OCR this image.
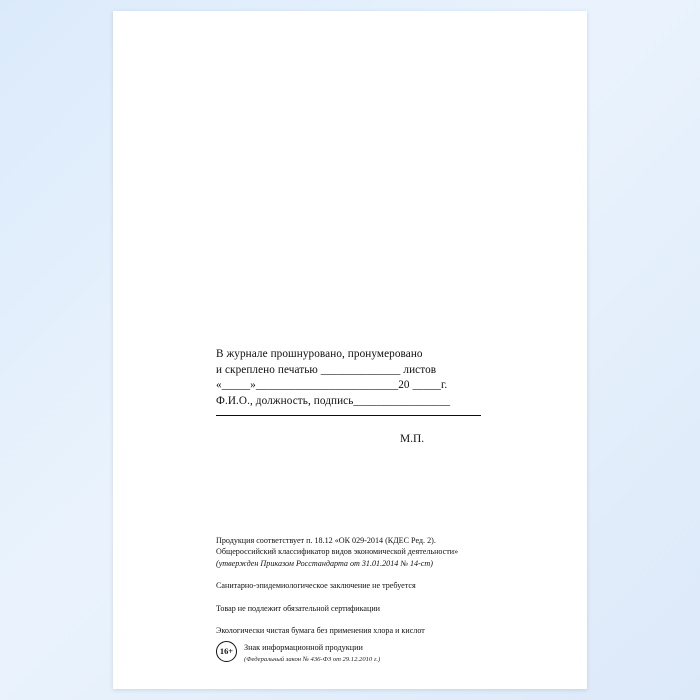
В журнале прошнуровано, пронумеровано
и скреплено печатью ______________ листов
«_____»_________________________20 _____г.
Ф.И.О., должность, подпись_________________
М.П.
Продукция соответствует п. 18.12 «ОК 029-2014 (КДЕС Ред. 2).
Общероссийский классификатор видов экономической деятельности»
(утвержден Приказом Росстандарта от 31.01.2014 № 14-ст)
Санитарно-эпидемиологическое заключение не требуется
Товар не подлежит обязательной сертификации
Экологически чистая бумага без применения хлора и кислот
16+	Знак информационной продукции
(Федеральный закон № 436-ФЗ от 29.12.2010 г.)
